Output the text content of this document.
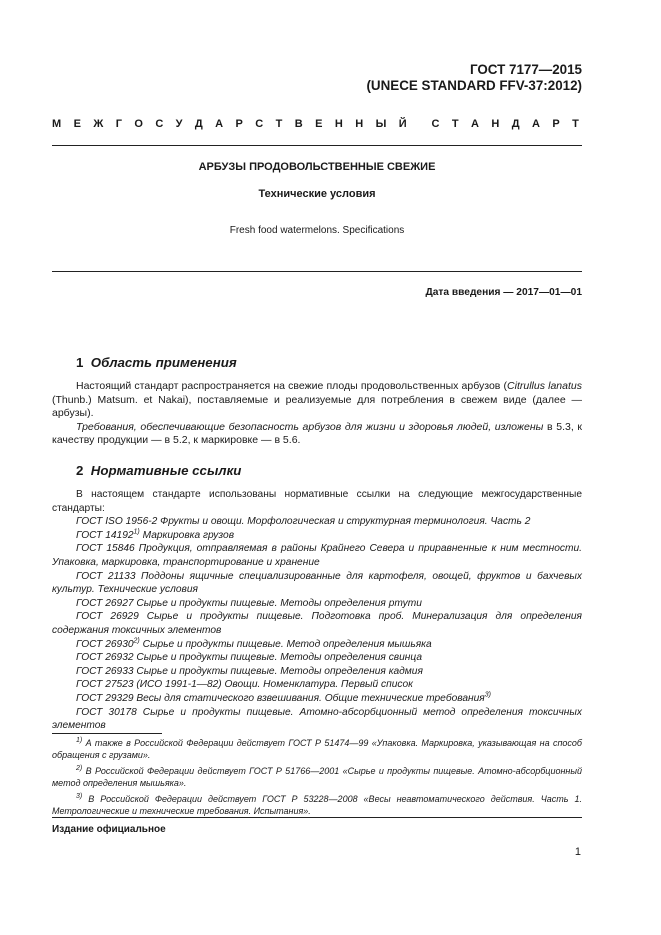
ГОСТ 7177—2015
(UNECE STANDARD FFV-37:2012)
М Е Ж Г О С У Д А Р С Т В Е Н Н Ы Й С Т А Н Д А Р Т
АРБУЗЫ ПРОДОВОЛЬСТВЕННЫЕ СВЕЖИЕ
Технические условия
Fresh food watermelons. Specifications
Дата введения — 2017—01—01
1 Область применения

Настоящий стандарт распространяется на свежие плоды продовольственных арбузов (Citrullus lanatus (Thunb.) Matsum. et Nakai), поставляемые и реализуемые для потребления в свежем виде (далее — арбузы).

Требования, обеспечивающие безопасность арбузов для жизни и здоровья людей, изложены в 5.3, к качеству продукции — в 5.2, к маркировке — в 5.6.

2 Нормативные ссылки

В настоящем стандарте использованы нормативные ссылки на следующие межгосударственные стандарты:

ГОСТ ISO 1956-2 Фрукты и овощи. Морфологическая и структурная терминология. Часть 2

ГОСТ 14192$^{1)}$ Маркировка грузов

ГОСТ 15846 Продукция, отправляемая в районы Крайнего Севера и приравненные к ним местности. Упаковка, маркировка, транспортирование и хранение

ГОСТ 21133 Поддоны ящичные специализированные для картофеля, овощей, фруктов и бахчевых культур. Технические условия

ГОСТ 26927 Сырье и продукты пищевые. Методы определения ртути

ГОСТ 26929 Сырье и продукты пищевые. Подготовка проб. Минерализация для определения содержания токсичных элементов

ГОСТ 26930$^{2)}$ Сырье и продукты пищевые. Метод определения мышьяка

ГОСТ 26932 Сырье и продукты пищевые. Методы определения свинца

ГОСТ 26933 Сырье и продукты пищевые. Методы определения кадмия

ГОСТ 27523 (ИСО 1991-1—82) Овощи. Номенклатура. Первый список

ГОСТ 29329 Весы для статического взвешивания. Общие технические требования$^{3)}$

ГОСТ 30178 Сырье и продукты пищевые. Атомно-абсорбционный метод определения токсичных элементов

$^{1)}$ А также в Российской Федерации действует ГОСТ Р 51474—99 «Упаковка. Маркировка, указывающая на способ обращения с грузами».

$^{2)}$ В Российской Федерации действует ГОСТ Р 51766—2001 «Сырье и продукты пищевые. Атомно-абсорбционный метод определения мышьяка».

$^{3)}$ В Российской Федерации действует ГОСТ Р 53228—2008 «Весы неавтоматического действия. Часть 1. Метрологические и технические требования. Испытания».

Издание официальное
1
